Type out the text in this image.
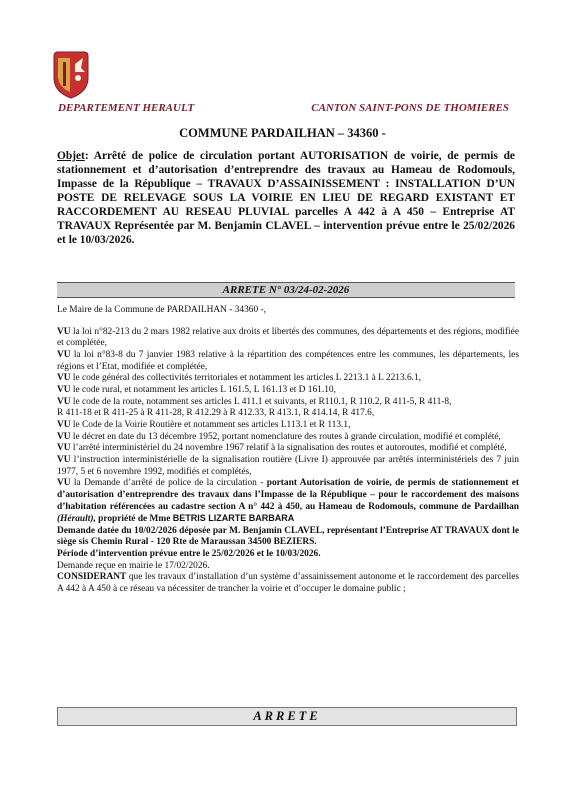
DEPARTEMENT HERAULT	CANTON SAINT-PONS DE THOMIERES
COMMUNE PARDAILHAN – 34360 -
Objet: Arrêté de police de circulation portant AUTORISATION de voirie, de permis de stationnement et d’autorisation d’entreprendre des travaux au Hameau de Rodomouls, Impasse de la République – TRAVAUX D’ASSAINISSEMENT : INSTALLATION D’UN POSTE DE RELEVAGE SOUS LA VOIRIE EN LIEU DE REGARD EXISTANT ET RACCORDEMENT AU RESEAU PLUVIAL parcelles A 442 à A 450 – Entreprise AT TRAVAUX Représentée par M. Benjamin CLAVEL – intervention prévue entre le 25/02/2026 et le 10/03/2026.
ARRETE N° 03/24-02-2026

Le Maire de la Commune de PARDAILHAN - 34360 -,

VU la loi n°82-213 du 2 mars 1982 relative aux droits et libertés des communes, des départements et des régions, modifiée et complétée,

VU la loi n°83-8 du 7 janvier 1983 relative à la répartition des compétences entre les communes, les départements, les régions et l’Etat, modifiée et complétée,

VU le code général des collectivités territoriales et notamment les articles L 2213.1 à L 2213.6.1,

VU le code rural, et notamment les articles L 161.5, L 161.13 et D 161.10,

VU le code de la route, notamment ses articles L 411.1 et suivants, et R110.1, R 110.2, R 411-5, R 411-8,

R 411-18 et R 411-25 à R 411-28, R 412.29 à R 412.33, R 413.1, R 414.14, R 417.6,

VU le Code de la Voirie Routière et notamment ses articles L113.1 et R 113.1,

VU le décret en date du 13 décembre 1952, portant nomenclature des routes à grande circulation, modifié et complété,

VU l’arrêté interministériel du 24 novembre 1967 relatif à la signalisation des routes et autoroutes, modifié et complété,

VU l’instruction interministérielle de la signalisation routière (Livre I) approuvée par arrêtés interministériels des 7 juin 1977, 5 et 6 novembre 1992, modifiés et complétés,

VU la Demande d’arrêté de police de la circulation - portant Autorisation de voirie, de permis de stationnement et d’autorisation d’entreprendre des travaux dans l’Impasse de la République – pour le raccordement des maisons d’habitation référencées au cadastre section A n° 442 à 450, au Hameau de Rodomouls, commune de Pardailhan (Hérault), propriété de Mme BETRIS LIZARTE BARBARA

Demande datée du 10/02/2026 déposée par M. Benjamin CLAVEL, représentant l’Entreprise AT TRAVAUX dont le siège sis Chemin Rural - 120 Rte de Maraussan 34500 BEZIERS.

Période d’intervention prévue entre le 25/02/2026 et le 10/03/2026.

Demande reçue en mairie le 17/02/2026.

CONSIDERANT que les travaux d’installation d’un système d’assainissement autonome et le raccordement des parcelles A 442 à A 450 à ce réseau va nécessiter de trancher la voirie et d’occuper le domaine public ;

ARRETE
